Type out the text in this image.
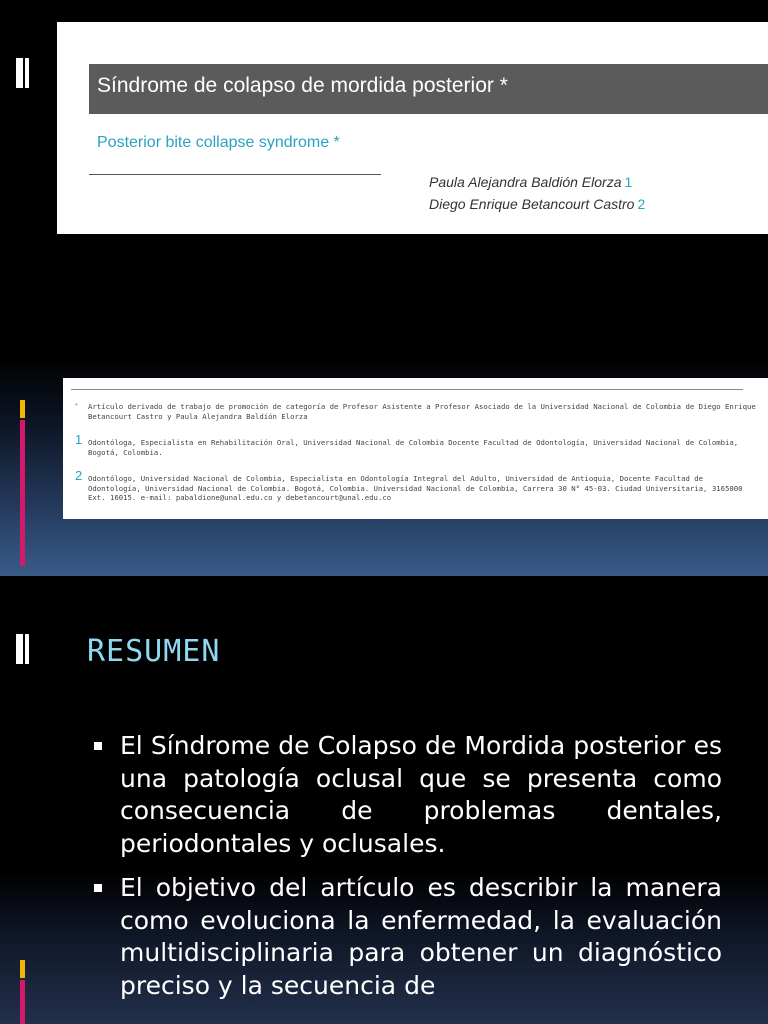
Síndrome de colapso de mordida posterior *
Posterior bite collapse syndrome *
Paula Alejandra Baldión Elorza 1
Diego Enrique Betancourt Castro 2
* Artículo derivado de trabajo de promoción de categoría de Profesor Asistente a Profesor Asociado de la Universidad Nacional de Colombia de Diego Enrique Betancourt Castro y Paula Alejandra Baldión Elorza
1 Odontóloga, Especialista en Rehabilitación Oral, Universidad Nacional de Colombia Docente Facultad de Odontología, Universidad Nacional de Colombia, Bogotá, Colombia.
2 Odontólogo, Universidad Nacional de Colombia, Especialista en Odontología Integral del Adulto, Universidad de Antioquia, Docente Facultad de Odontología, Universidad Nacional de Colombia. Bogotá, Colombia. Universidad Nacional de Colombia, Carrera 30 N° 45-03. Ciudad Universitaria, 3165000 Ext. 16015. e-mail: pabaldione@unal.edu.co y debetancourt@unal.edu.co
RESUMEN
El Síndrome de Colapso de Mordida posterior es una patología oclusal que se presenta como consecuencia de problemas dentales, periodontales y oclusales.
El objetivo del artículo es describir la manera como evoluciona la enfermedad, la evaluación multidisciplinaria para obtener un diagnóstico preciso y la secuencia de
